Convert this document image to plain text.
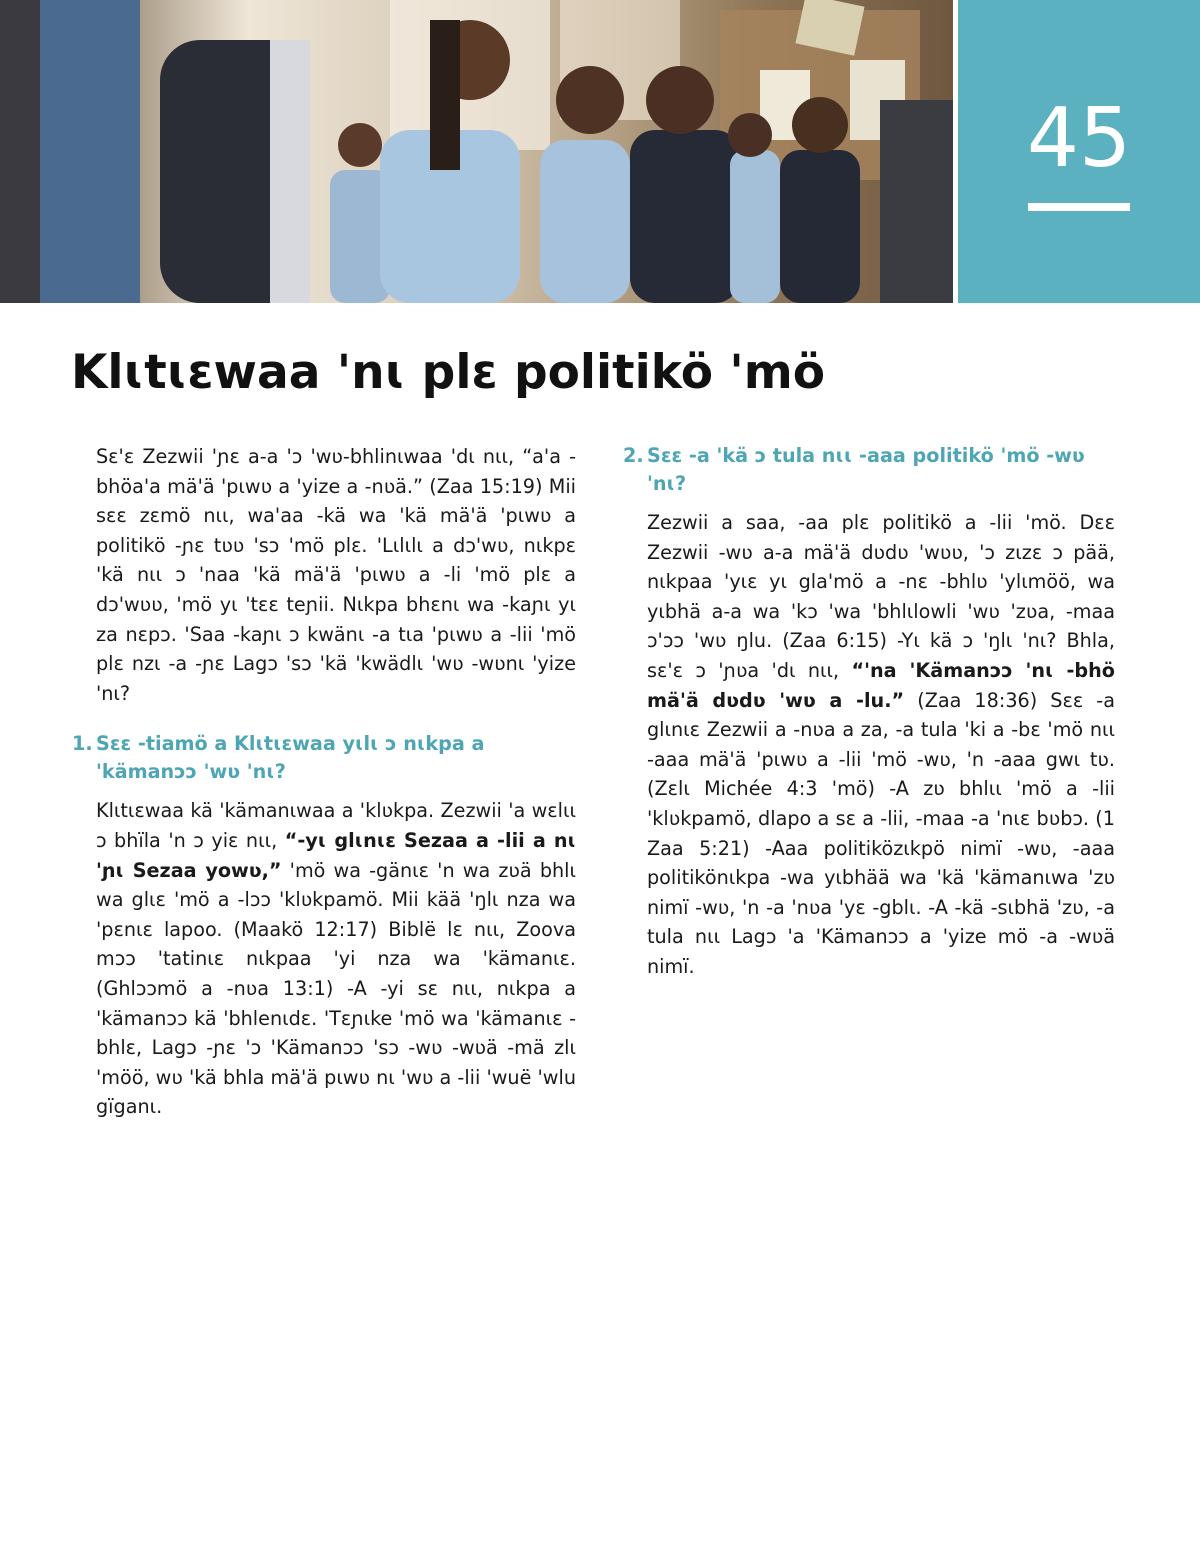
45
Klɩtɩɛwaa 'nɩ plɛ politikö 'mö

Sɛ'ɛ Zezwii 'ɲɛ a-a 'ɔ 'wʋ-bhlinɩwaa 'dɩ nɩɩ, “a'a -bhöa'a mä'ä 'pɩwʋ a 'yize a -nʋä.” (Zaa 15:19) Mii sɛɛ zɛmö nɩɩ, wa'aa -kä wa 'kä mä'ä 'pɩwʋ a politikö -ɲɛ tʋʋ 'sɔ 'mö plɛ. 'Lɩlɩlɩ a dɔ'wʋ, nɩkpɛ 'kä nɩɩ ɔ 'naa 'kä mä'ä 'pɩwʋ a -li 'mö plɛ a dɔ'wʋʋ, 'mö yɩ 'tɛɛ teɲii. Nɩkpa bhɛnɩ wa -kaɲɩ yɩ za nɛpɔ. 'Saa -kaɲɩ ɔ kwänɩ -a tɩa 'pɩwʋ a -lii 'mö plɛ nzɩ -a -ɲɛ Lagɔ 'sɔ 'kä 'kwädlɩ 'wʋ -wʋnɩ 'yize 'nɩ?

1. Sɛɛ -tiamö a Klɩtɩɛwaa yɩlɩ ɔ nɩkpa a 'kämanɔɔ 'wʋ 'nɩ?

Klɩtɩɛwaa kä 'kämanɩwaa a 'klʋkpa. Zezwii 'a wɛlɩɩ ɔ bhïla 'n ɔ yiɛ nɩɩ, “-yɩ glɩnɩɛ Sezaa a -lii a nɩ 'ɲɩ Sezaa yowʋ,” 'mö wa -gänɩɛ 'n wa zʋä bhlɩ wa glɩɛ 'mö a -lɔɔ 'klʋkpamö. Mii kää 'ŋlɩ nza wa 'pɛnɩɛ lapoo. (Maakö 12:17) Biblë lɛ nɩɩ, Zoova mɔɔ 'tatinɩɛ nɩkpaa 'yi nza wa 'kämanɩɛ. (Ghlɔɔmö a -nʋa 13:1) -A -yi sɛ nɩɩ, nɩkpa a 'kämanɔɔ kä 'bhlenɩdɛ. 'Tɛɲɩke 'mö wa 'kämanɩɛ -bhlɛ, Lagɔ -ɲɛ 'ɔ 'Kämanɔɔ 'sɔ -wʋ -wʋä -mä zlɩ 'möö, wʋ 'kä bhla mä'ä pɩwʋ nɩ 'wʋ a -lii 'wuë 'wlu gïganɩ.

2. Sɛɛ -a 'kä ɔ tula nɩɩ -aaa politikö 'mö -wʋ 'nɩ?

Zezwii a saa, -aa plɛ politikö a -lii 'mö. Dɛɛ Zezwii -wʋ a-a mä'ä dʋdʋ 'wʋʋ, 'ɔ zɩzɛ ɔ pää, nɩkpaa 'yɩɛ yɩ gla'mö a -nɛ -bhlʋ 'ylɩmöö, wa yɩbhä a-a wa 'kɔ 'wa 'bhlɩlowli 'wʋ 'zʋa, -maa ɔ'ɔɔ 'wʋ ŋlu. (Zaa 6:15) -Yɩ kä ɔ 'ŋlɩ 'nɩ? Bhla, sɛ'ɛ ɔ 'ɲʋa 'dɩ nɩɩ, “'na 'Kämanɔɔ 'nɩ -bhö mä'ä dʋdʋ 'wʋ a -lu.” (Zaa 18:36) Sɛɛ -a glɩnɩɛ Zezwii a -nʋa a za, -a tula 'ki a -bɛ 'mö nɩɩ -aaa mä'ä 'pɩwʋ a -lii 'mö -wʋ, 'n -aaa gwɩ tʋ. (Zɛlɩ Michée 4:3 'mö) -A zʋ bhlɩɩ 'mö a -lii 'klʋkpamö, dlapo a sɛ a -lii, -maa -a 'nɩɛ bʋbɔ. (1 Zaa 5:21) -Aaa politiközɩkpö nimï -wʋ, -aaa politikönɩkpa -wa yɩbhää wa 'kä 'kämanɩwa 'zʋ nimï -wʋ, 'n -a 'nʋa 'yɛ -gblɩ. -A -kä -sɩbhä 'zʋ, -a tula nɩɩ Lagɔ 'a 'Kämanɔɔ a 'yize mö -a -wʋä nimï.
